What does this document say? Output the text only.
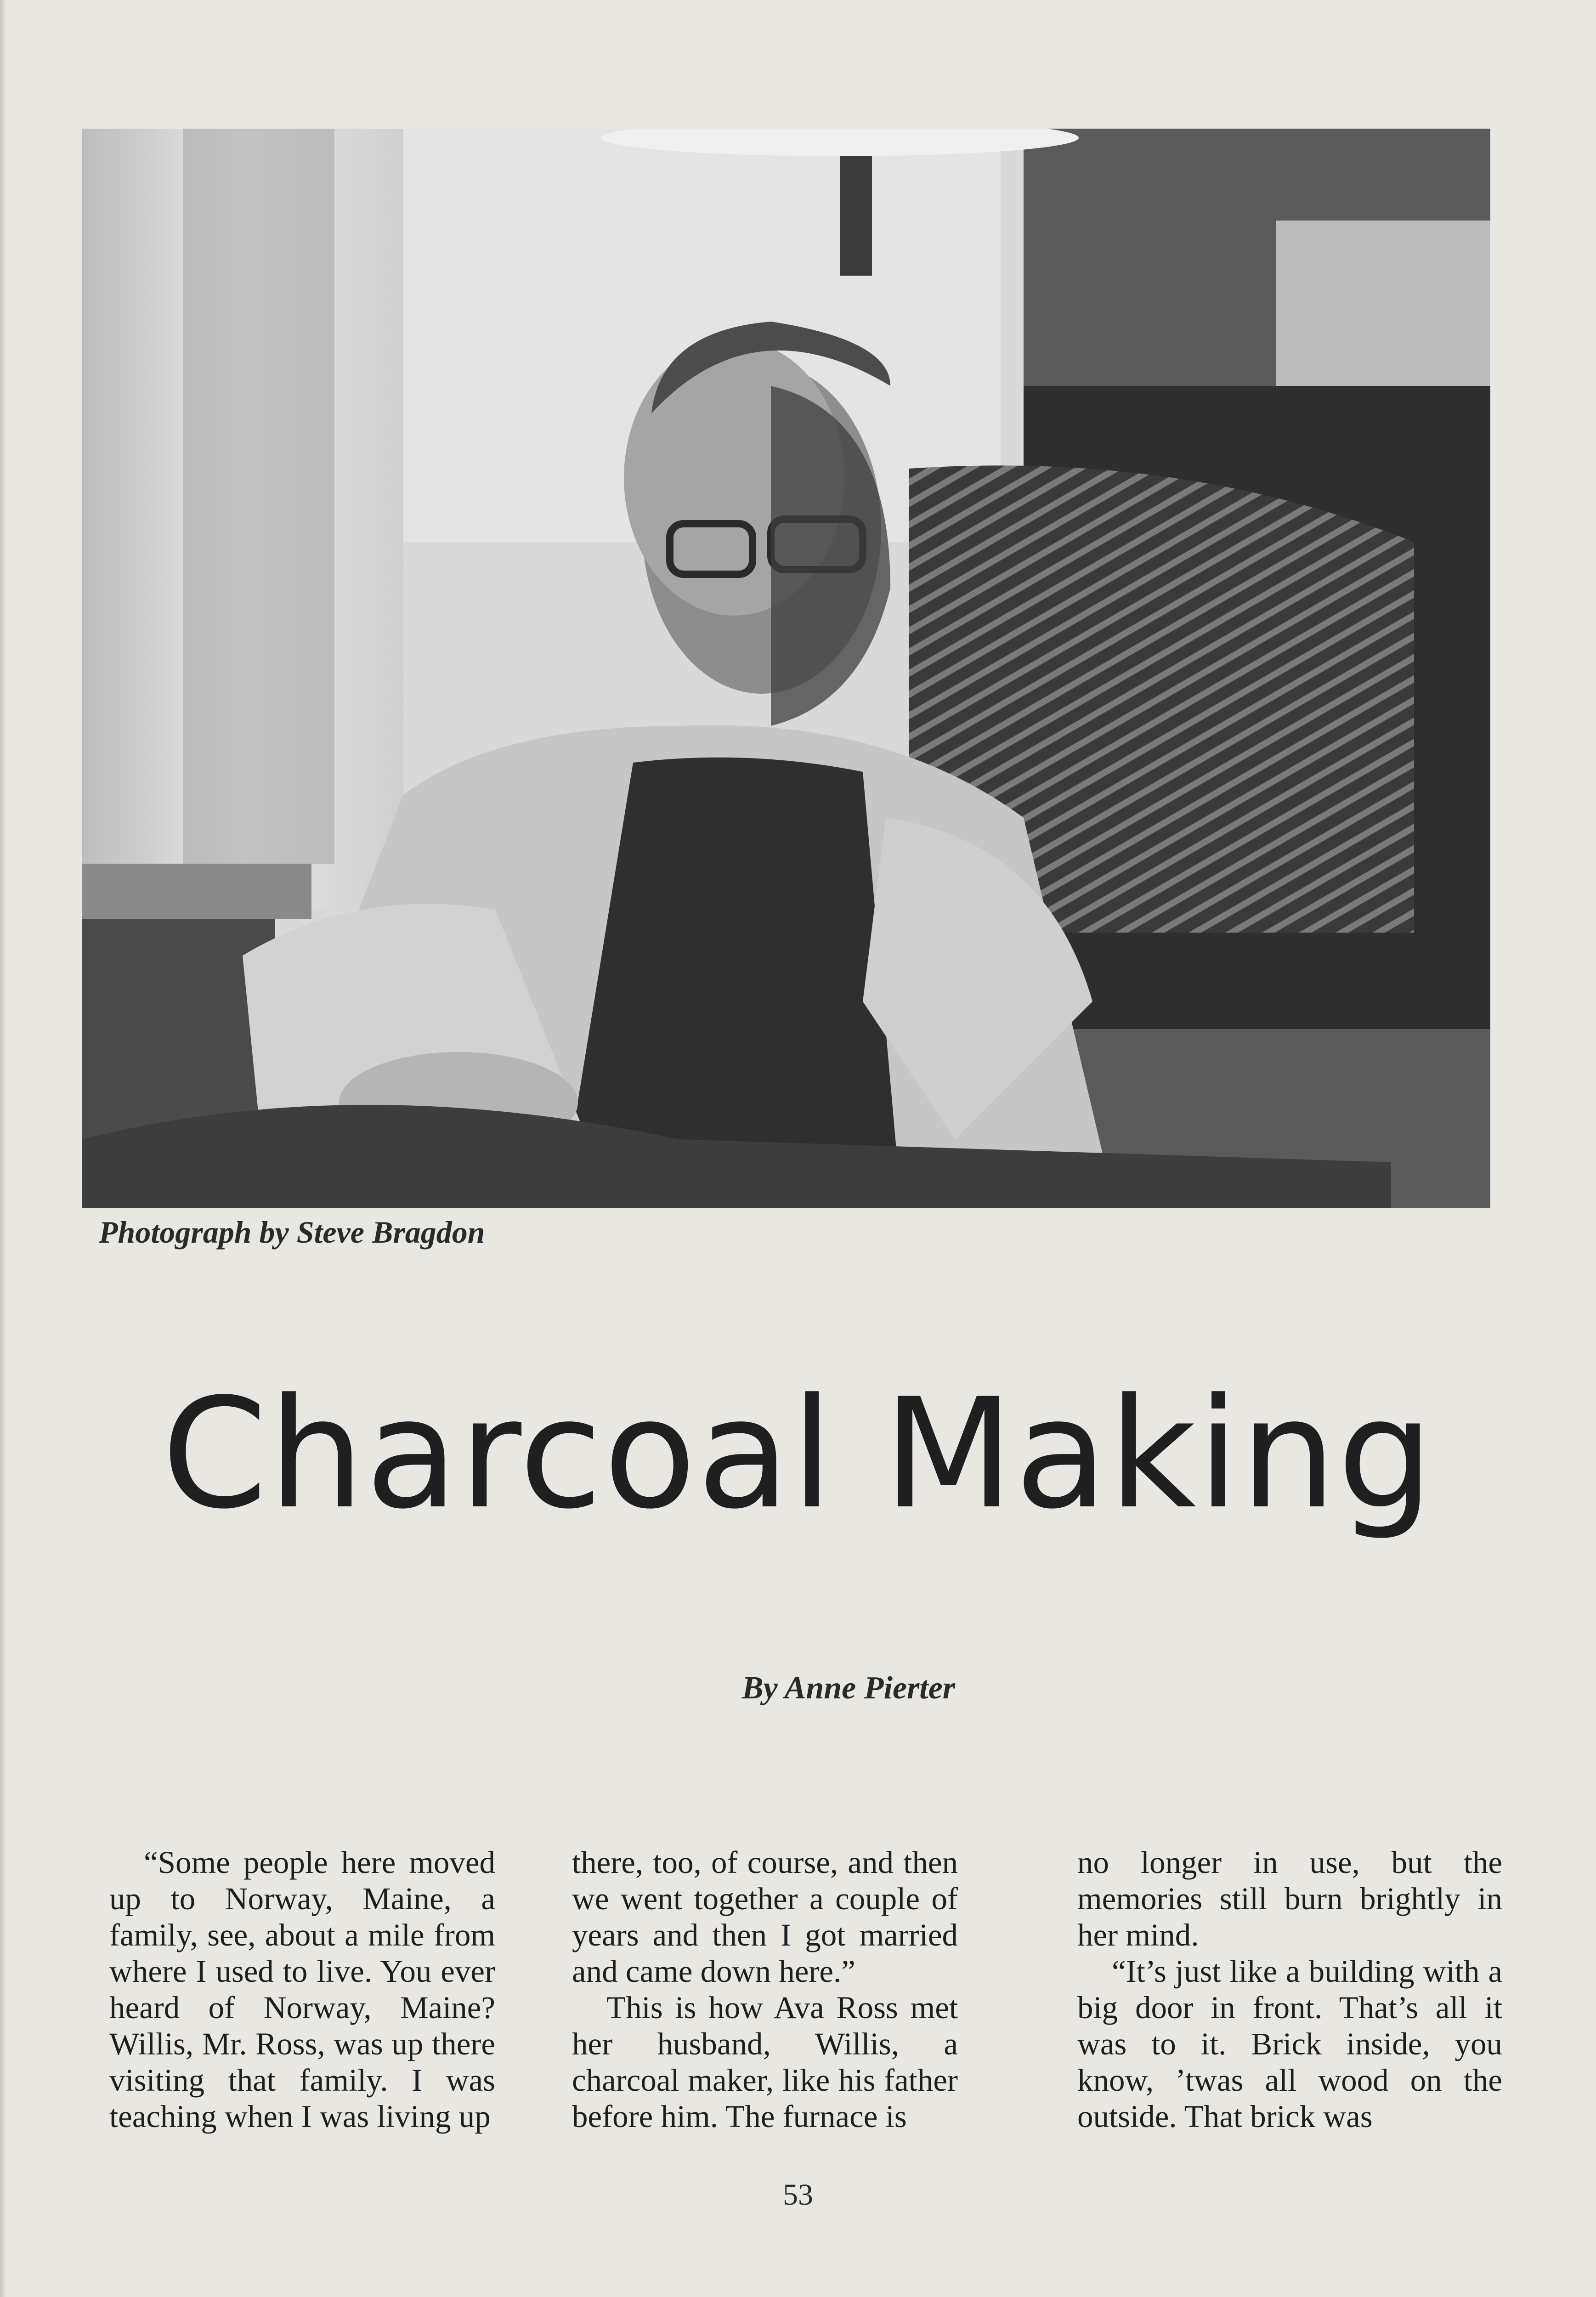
Photograph by Steve Bragdon
Charcoal Making
By Anne Pierter

“Some people here moved up to Norway, Maine, a family, see, about a mile from where I used to live. You ever heard of Norway, Maine? Willis, Mr. Ross, was up there visiting that family. I was teaching when I was living up

there, too, of course, and then we went together a couple of years and then I got married and came down here.”

This is how Ava Ross met her husband, Willis, a charcoal maker, like his father before him. The furnace is

no longer in use, but the memories still burn brightly in her mind.

“It’s just like a building with a big door in front. That’s all it was to it. Brick inside, you know, ’twas all wood on the outside. That brick was

53
